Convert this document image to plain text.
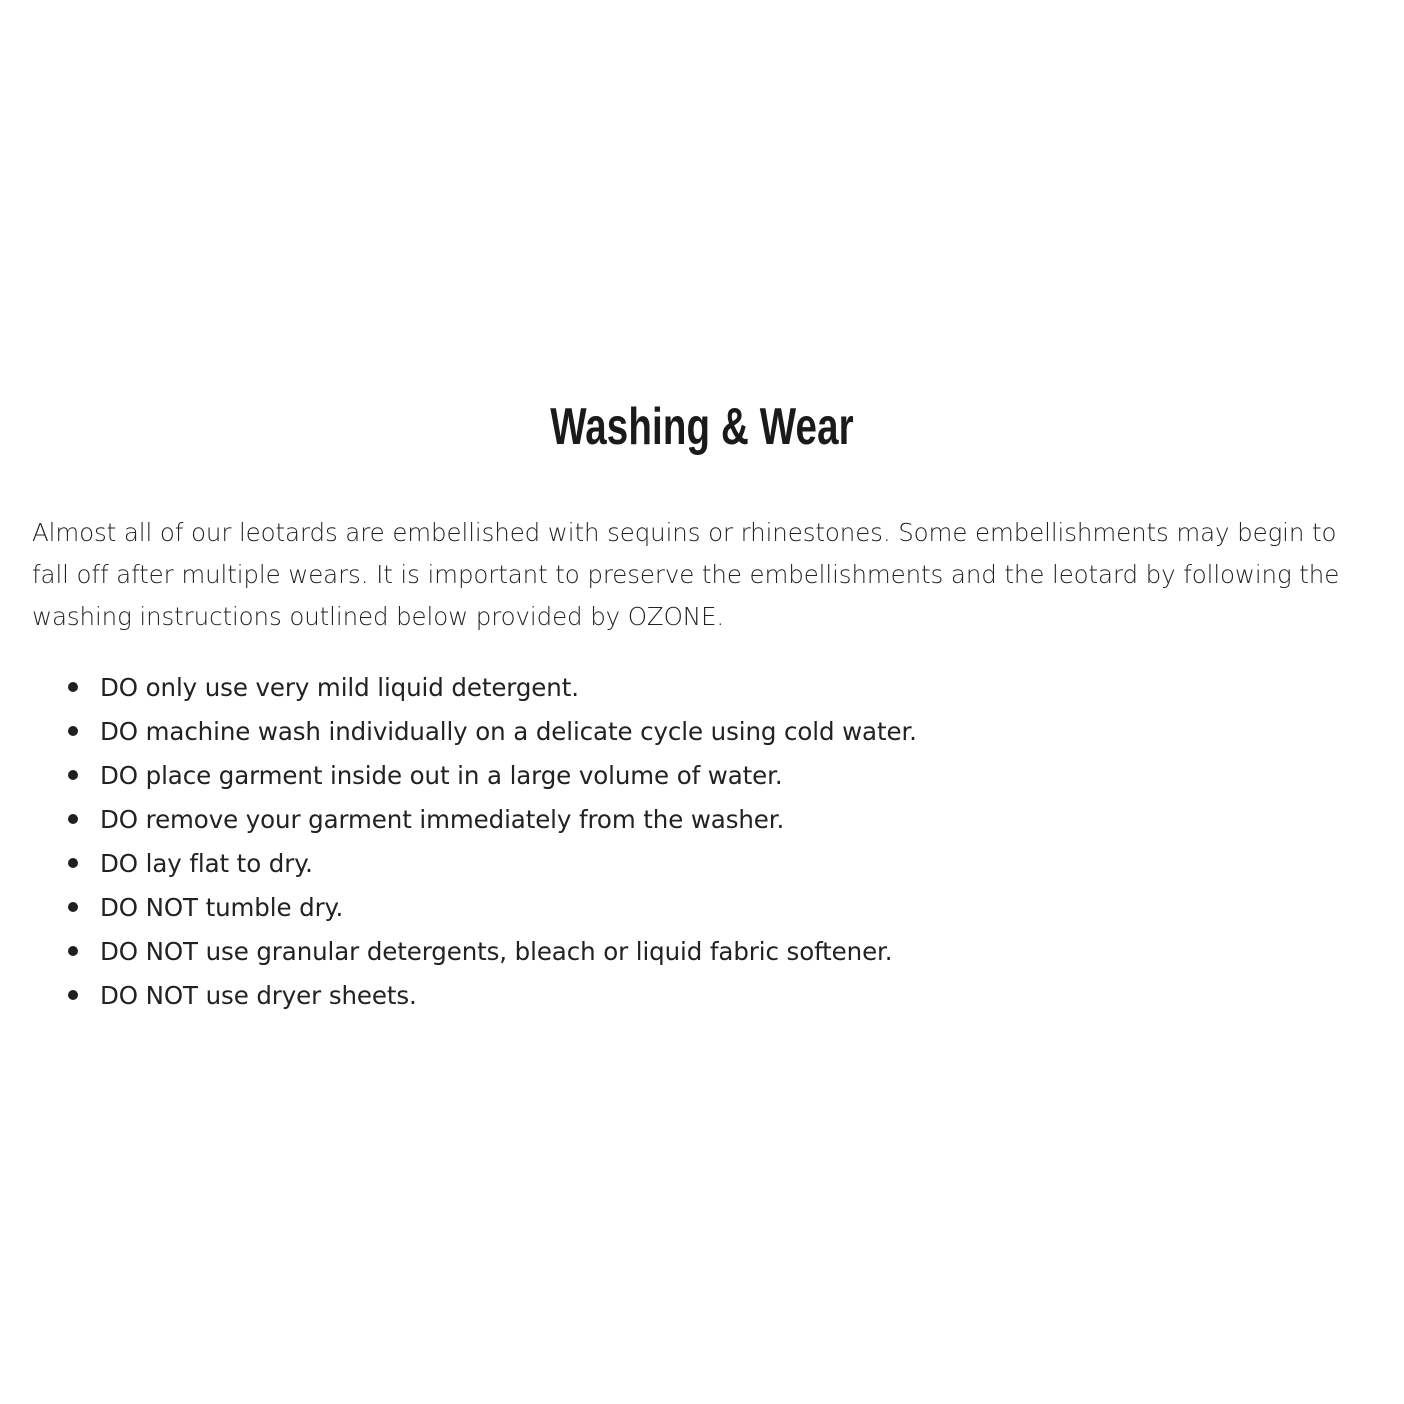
Washing & Wear

Almost all of our leotards are embellished with sequins or rhinestones. Some embellishments may begin to fall off after multiple wears. It is important to preserve the embellishments and the leotard by following the washing instructions outlined below provided by OZONE.

DO only use very mild liquid detergent.
DO machine wash individually on a delicate cycle using cold water.
DO place garment inside out in a large volume of water.
DO remove your garment immediately from the washer.
DO lay flat to dry.
DO NOT tumble dry.
DO NOT use granular detergents, bleach or liquid fabric softener.
DO NOT use dryer sheets.
